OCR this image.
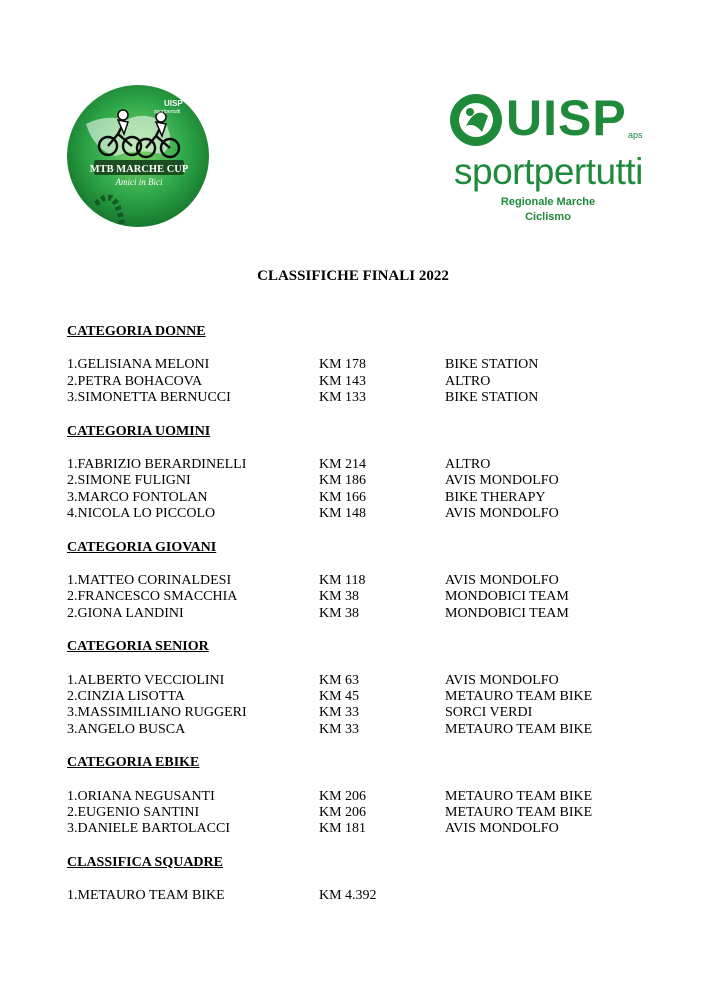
MTB MARCHE CUP
Amici in Bici
UISP
sportpertutti	UISP aps
sportpertutti
Regionale Marche
Ciclismo
CLASSIFICHE FINALI 2022
CATEGORIA DONNE
1.GELISIANA MELONI	KM 178	BIKE STATION
2.PETRA BOHACOVA	KM 143	ALTRO
3.SIMONETTA BERNUCCI	KM 133	BIKE STATION
CATEGORIA UOMINI
1.FABRIZIO BERARDINELLI	KM 214	ALTRO
2.SIMONE FULIGNI	KM 186	AVIS MONDOLFO
3.MARCO FONTOLAN	KM 166	BIKE THERAPY
4.NICOLA LO PICCOLO	KM 148	AVIS MONDOLFO
CATEGORIA GIOVANI
1.MATTEO CORINALDESI	KM 118	AVIS MONDOLFO
2.FRANCESCO SMACCHIA	KM 38	MONDOBICI TEAM
2.GIONA LANDINI	KM 38	MONDOBICI TEAM
CATEGORIA SENIOR
1.ALBERTO VECCIOLINI	KM 63	AVIS MONDOLFO
2.CINZIA LISOTTA	KM 45	METAURO TEAM BIKE
3.MASSIMILIANO RUGGERI	KM 33	SORCI VERDI
3.ANGELO BUSCA	KM 33	METAURO TEAM BIKE
CATEGORIA EBIKE
1.ORIANA NEGUSANTI	KM 206	METAURO TEAM BIKE
2.EUGENIO SANTINI	KM 206	METAURO TEAM BIKE
3.DANIELE BARTOLACCI	KM 181	AVIS MONDOLFO
CLASSIFICA SQUADRE
1.METAURO TEAM BIKE	KM 4.392
